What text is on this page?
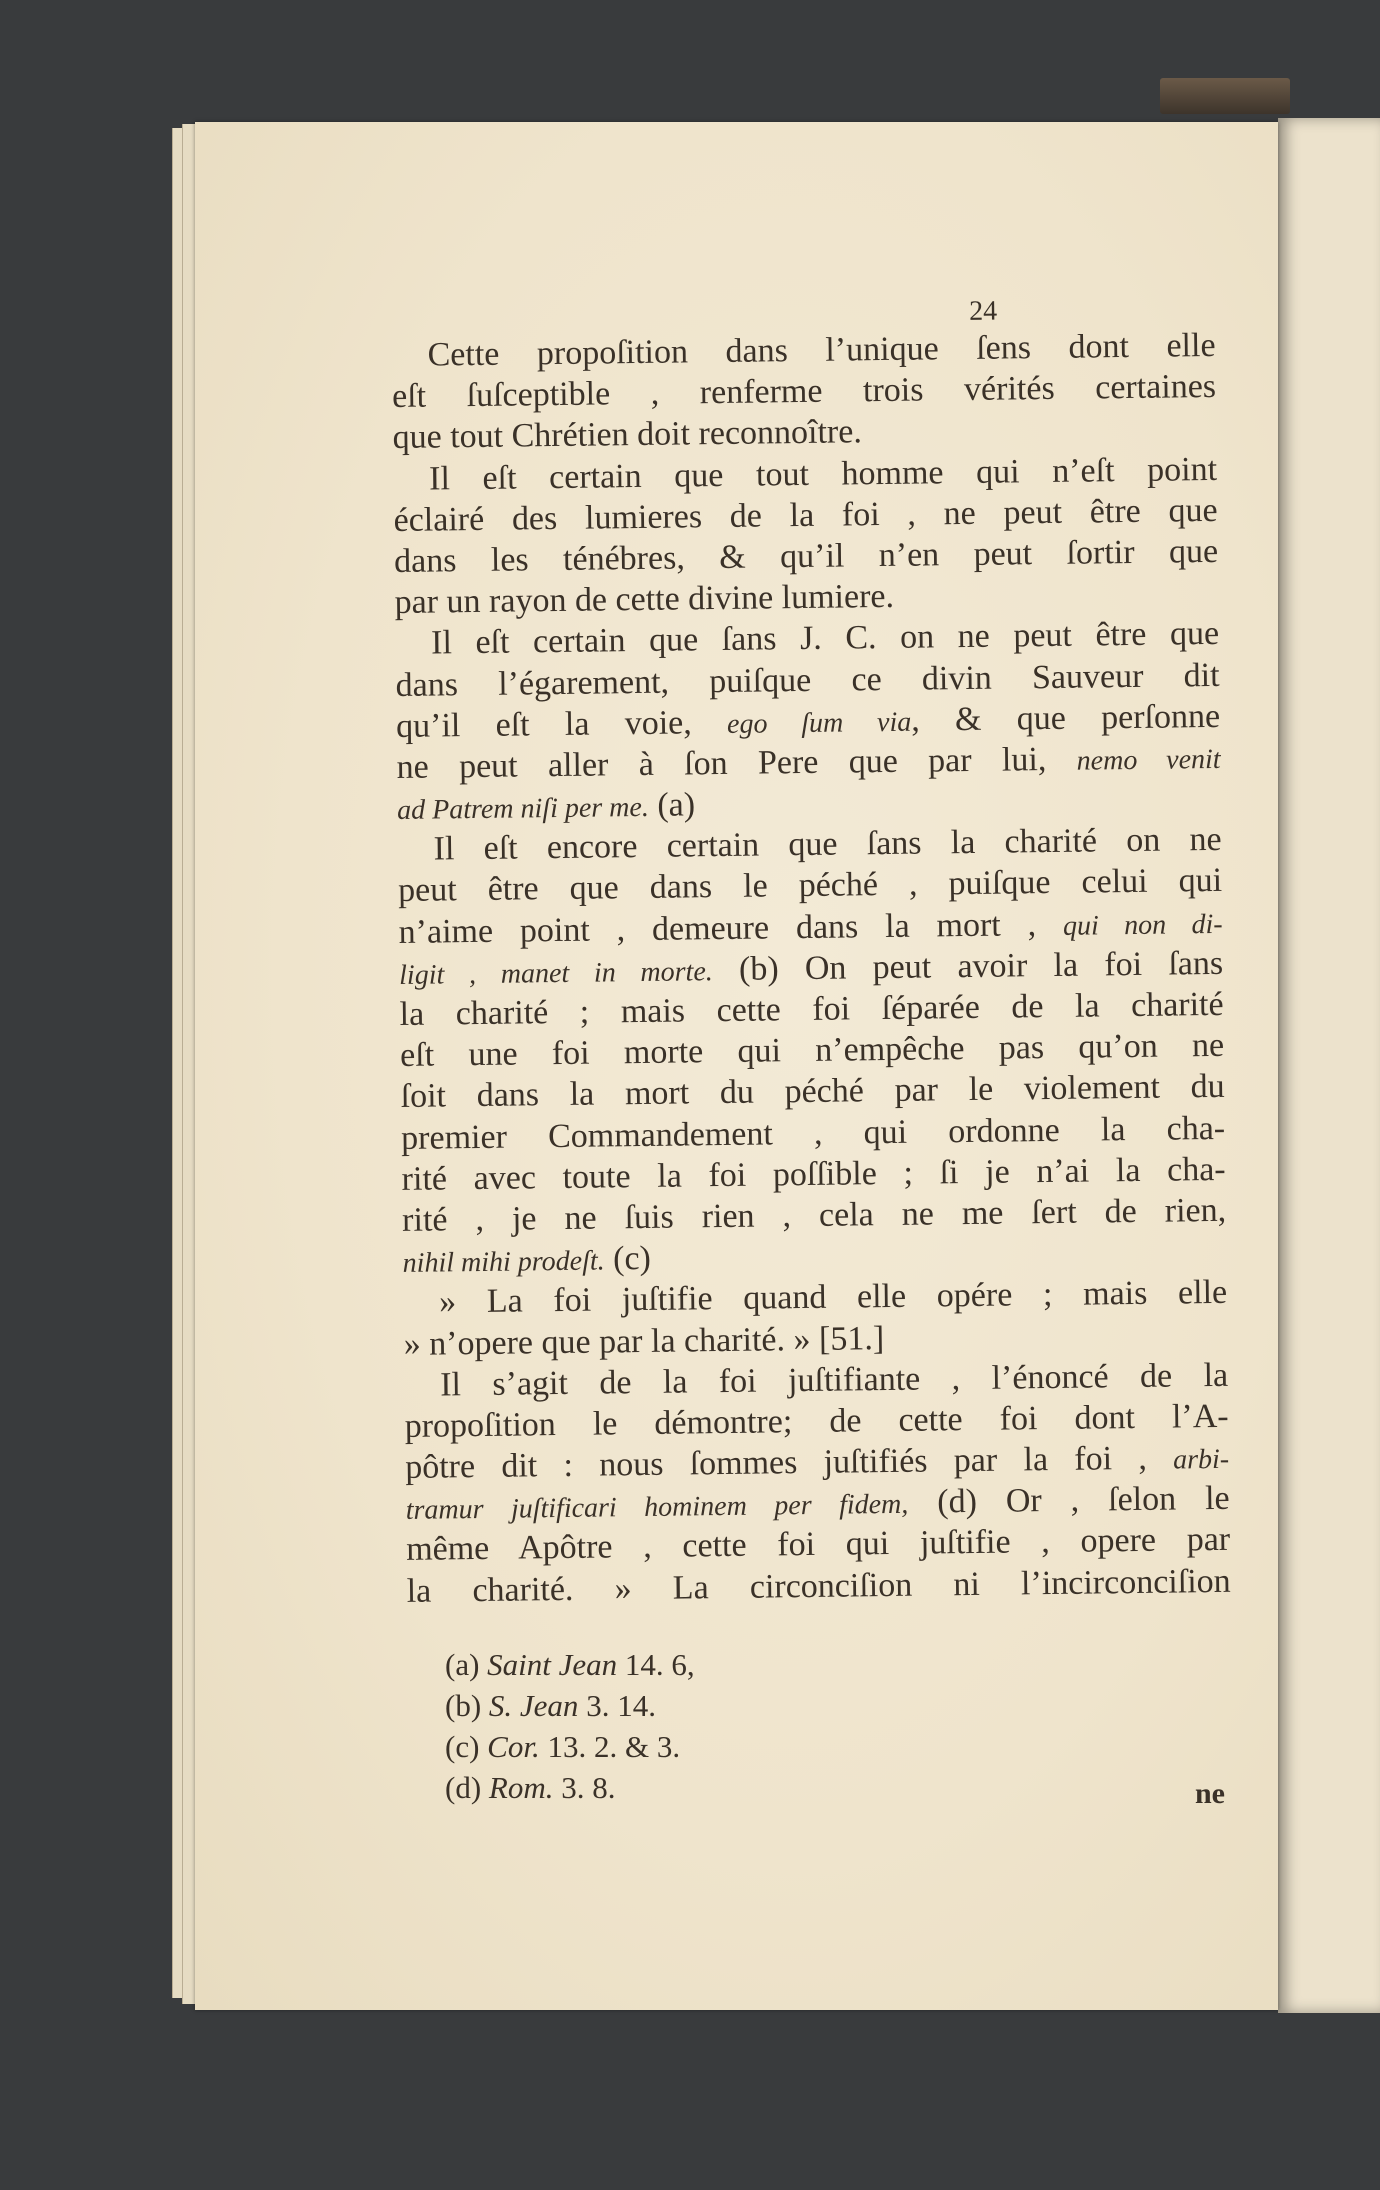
24
Cette propoſition dans l’unique ſens dont elle
eſt ſuſceptible , renferme trois vérités certaines
que tout Chrétien doit reconnoître.
Il eſt certain que tout homme qui n’eſt point
éclairé des lumieres de la foi , ne peut être que
dans les ténébres, & qu’il n’en peut ſortir que
par un rayon de cette divine lumiere.
Il eſt certain que ſans J. C. on ne peut être que
dans l’égarement, puiſque ce divin Sauveur dit
qu’il eſt la voie, ego ſum via, & que perſonne
ne peut aller à ſon Pere que par lui, nemo venit
ad Patrem niſi per me. (a)
Il eſt encore certain que ſans la charité on ne
peut être que dans le péché , puiſque celui qui
n’aime point , demeure dans la mort , qui non di-
ligit , manet in morte. (b) On peut avoir la foi ſans
la charité ; mais cette foi ſéparée de la charité
eſt une foi morte qui n’empêche pas qu’on ne
ſoit dans la mort du péché par le violement du
premier Commandement , qui ordonne la cha-
rité avec toute la foi poſſible ; ſi je n’ai la cha-
rité , je ne ſuis rien , cela ne me ſert de rien,
nihil mihi prodeſt. (c)
» La foi juſtifie quand elle opére ; mais elle
» n’opere que par la charité. » [51.]
Il s’agit de la foi juſtifiante , l’énoncé de la
propoſition le démontre; de cette foi dont l’A-
pôtre dit : nous ſommes juſtifiés par la foi , arbi-
tramur juſtificari hominem per fidem, (d) Or , ſelon le
même Apôtre , cette foi qui juſtifie , opere par
la charité. » La circonciſion ni l’incirconciſion
(a) Saint Jean 14. 6,
(b) S. Jean 3. 14.
(c) Cor. 13. 2. & 3.
(d) Rom. 3. 8.	ne
